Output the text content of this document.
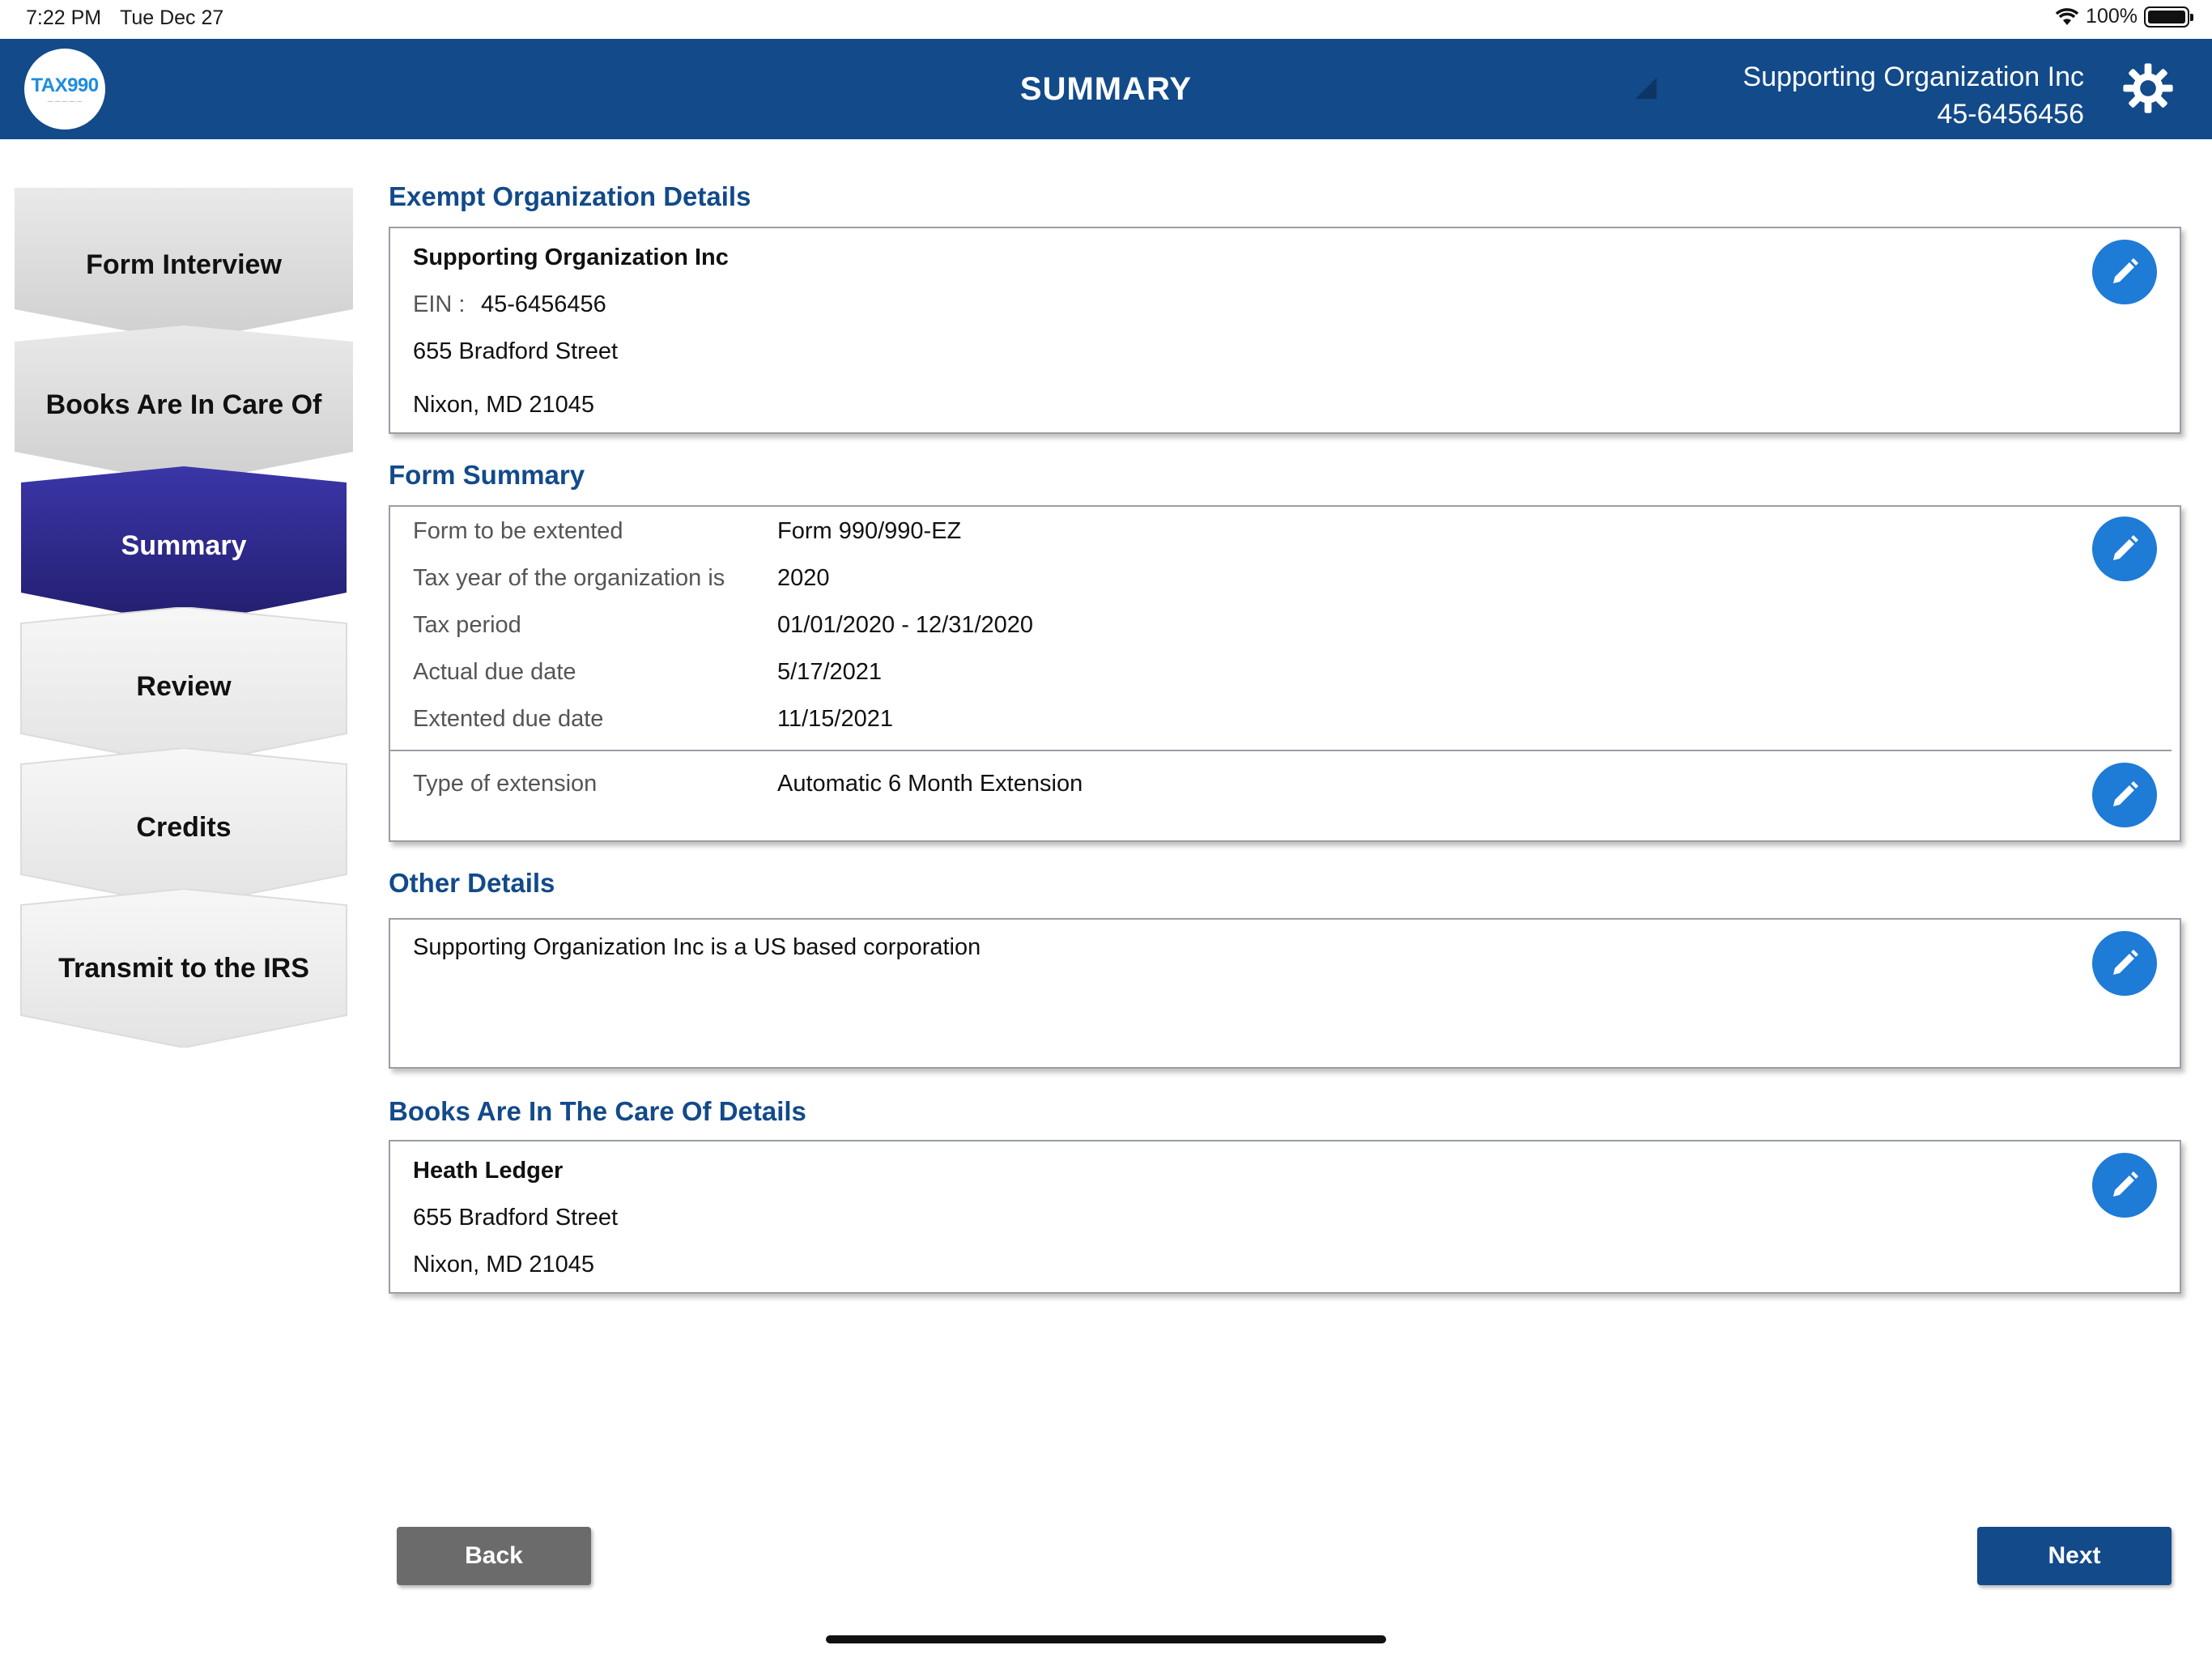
7:22 PM Tue Dec 27	100%
TAX990
— — — — —	SUMMARY	Supporting Organization Inc
45-6456456
Form Interview
Books Are In Care Of
Summary
Review
Credits
Transmit to the IRS
Exempt Organization Details
Supporting Organization Inc
EIN : 45-6456456
655 Bradford Street
Nixon, MD 21045
Form Summary
Form to be extented	Form 990/990-EZ
Tax year of the organization is 2020
Tax period	01/01/2020 - 12/31/2020
Actual due date	5/17/2021
Extented due date	11/15/2021
Type of extension	Automatic 6 Month Extension
Other Details
Supporting Organization Inc is a US based corporation
Books Are In The Care Of Details
Heath Ledger
655 Bradford Street
Nixon, MD 21045
Back	Next
